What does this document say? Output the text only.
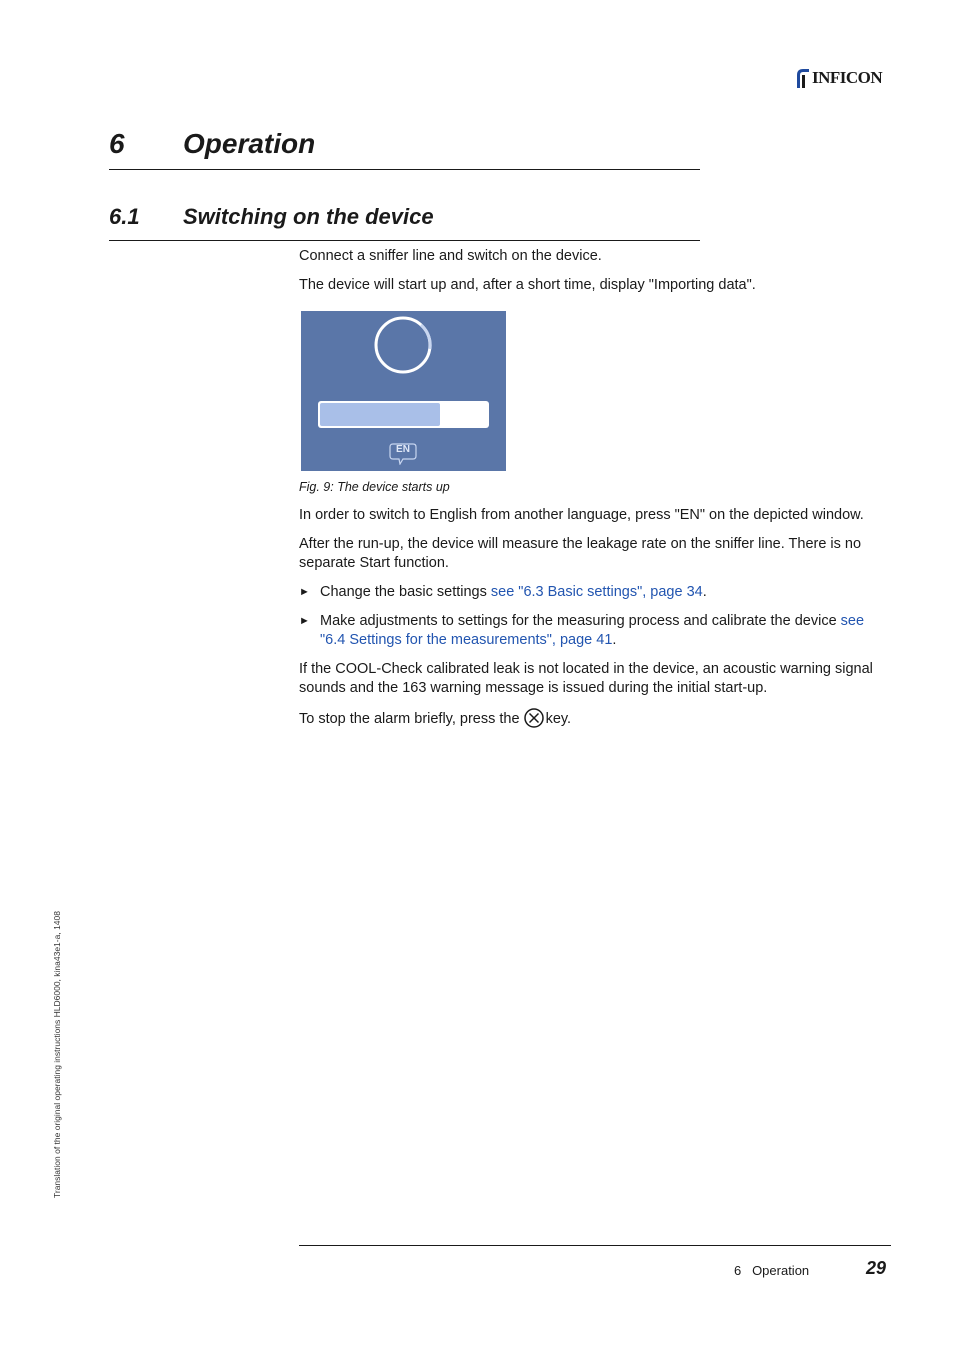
INFICON
6 Operation
6.1 Switching on the device
Connect a sniffer line and switch on the device.
The device will start up and, after a short time, display "Importing data".
EN
Fig. 9: The device starts up
In order to switch to English from another language, press "EN" on the depicted window.
After the run-up, the device will measure the leakage rate on the sniffer line. There is no separate Start function.
► Change the basic settings see "6.3 Basic settings", page 34.
► Make adjustments to settings for the measuring process and calibrate the device see "6.4 Settings for the measurements", page 41.
If the COOL-Check calibrated leak is not located in the device, an acoustic warning signal sounds and the 163 warning message is issued during the initial start-up.
To stop the alarm briefly, press the key.
Translation of the original operating instructions HLD6000, kina43e1-a, 1408
6   Operation	29
